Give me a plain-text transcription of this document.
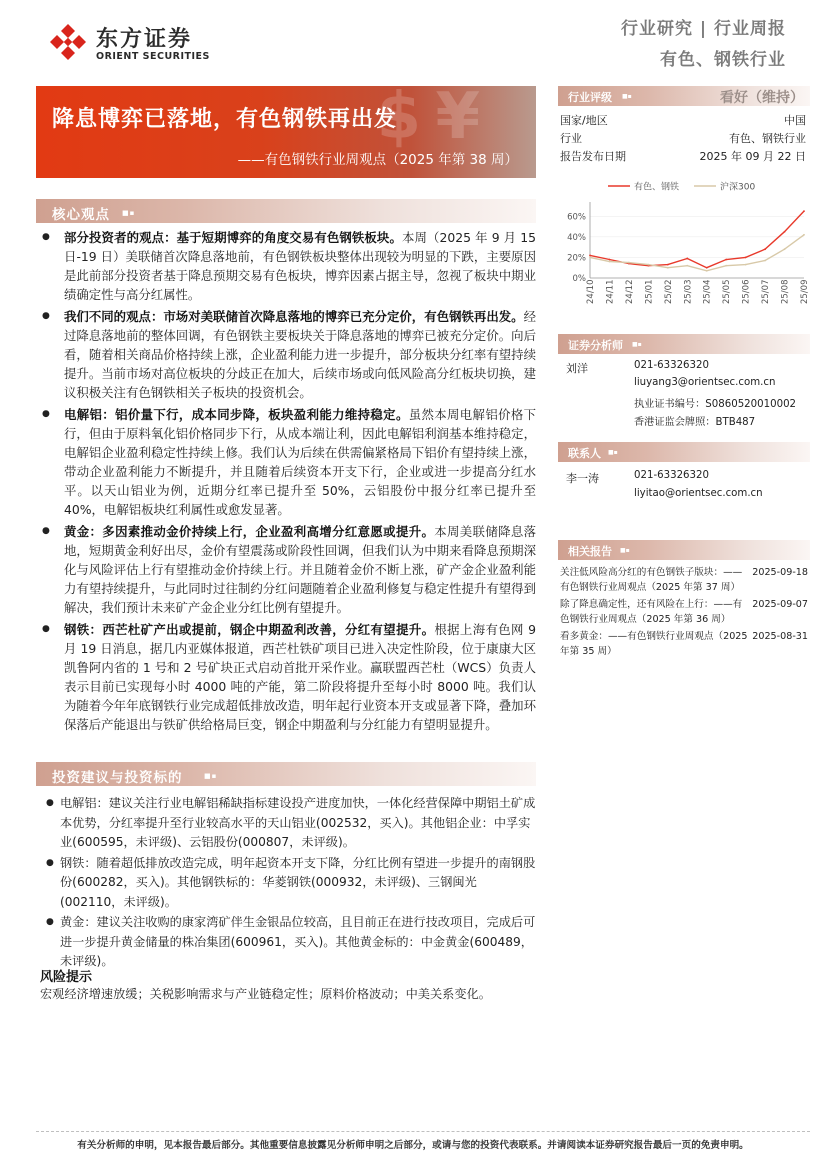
东方证券
ORIENT SECURITIES
行业研究 | 行业周报
有色、钢铁行业
$ ¥
降息博弈已落地，有色钢铁再出发
——有色钢铁行业周观点（2025 年第 38 周）
核心观点 ■▪
● 部分投资者的观点：基于短期博弈的角度交易有色钢铁板块。本周（2025 年 9 月 15 日-19 日）美联储首次降息落地前，有色钢铁板块整体出现较为明显的下跌，主要原因是此前部分投资者基于降息预期交易有色板块，博弈因素占据主导，忽视了板块中期业绩确定性与高分红属性。
● 我们不同的观点：市场对美联储首次降息落地的博弈已充分定价，有色钢铁再出发。经过降息落地前的整体回调，有色钢铁主要板块关于降息落地的博弈已被充分定价。向后看，随着相关商品价格持续上涨，企业盈利能力进一步提升，部分板块分红率有望持续提升。当前市场对高位板块的分歧正在加大，后续市场或向低风险高分红板块切换，建议积极关注有色钢铁相关子板块的投资机会。
● 电解铝：铝价量下行，成本同步降，板块盈利能力维持稳定。虽然本周电解铝价格下行，但由于原料氧化铝价格同步下行，从成本端让利，因此电解铝利润基本维持稳定，电解铝企业盈利稳定性持续上修。我们认为后续在供需偏紧格局下铝价有望持续上涨，带动企业盈利能力不断提升，并且随着后续资本开支下行，企业或进一步提高分红水平。以天山铝业为例，近期分红率已提升至 50%，云铝股份中报分红率已提升至 40%，电解铝板块红利属性或愈发显著。
● 黄金：多因素推动金价持续上行，企业盈利高增分红意愿或提升。本周美联储降息落地，短期黄金利好出尽，金价有望震荡或阶段性回调，但我们认为中期来看降息预期深化与风险评估上行有望推动金价持续上行。并且随着金价不断上涨，矿产金企业盈利能力有望持续提升，与此同时过往制约分红问题随着企业盈利修复与稳定性提升有望得到解决，我们预计未来矿产金企业分红比例有望提升。
● 钢铁：西芒杜矿产出或提前，钢企中期盈利改善，分红有望提升。根据上海有色网 9 月 19 日消息，据几内亚媒体报道，西芒杜铁矿项目已进入决定性阶段，位于康康大区凯鲁阿内省的 1 号和 2 号矿块正式启动首批开采作业。赢联盟西芒杜（WCS）负责人表示目前已实现每小时 4000 吨的产能，第二阶段将提升至每小时 8000 吨。我们认为随着今年年底钢铁行业完成超低排放改造，明年起行业资本开支或显著下降，叠加环保落后产能退出与铁矿供给格局巨变，钢企中期盈利与分红能力有望明显提升。
投资建议与投资标的	■▪

● 电解铝：建议关注行业电解铝稀缺指标建设投产进度加快，一体化经营保障中期铝土矿成本优势，分红率提升至行业较高水平的天山铝业(002532，买入)。其他铝企业：中孚实业(600595，未评级)、云铝股份(000807，未评级)。

● 钢铁：随着超低排放改造完成，明年起资本开支下降，分红比例有望进一步提升的南钢股份(600282，买入)。其他钢铁标的：华菱钢铁(000932，未评级)、三钢闽光(002110，未评级)。

● 黄金：建议关注收购的康家湾矿伴生金银品位较高，且目前正在进行技改项目，完成后可进一步提升黄金储量的株冶集团(600961，买入)。其他黄金标的：中金黄金(600489，未评级)。

风险提示
宏观经济增速放缓；关税影响需求与产业链稳定性；原料价格波动；中美关系变化。
行业评级 ■▪	看好（维持）
国家/地区	中国
行业	有色、钢铁行业
报告发布日期	2025 年 09 月 22 日
有色、钢铁	沪深300
0%
20%
40%
60%
24/10 24/11 24/12 25/01 25/02 25/03 25/04 25/05 25/06 25/07 25/08 25/09
证券分析师 ■▪
刘洋	021-63326320
liuyang3@orientsec.com.cn
执业证书编号：S0860520010002
香港证监会牌照：BTB487
联系人 ■▪
李一涛	021-63326320
liyitao@orientsec.com.cn
相关报告 ■▪
关注低风险高分红的有色钢铁子版块：——有色钢铁行业周观点（2025 年第 37 周）
2025-09-18
除了降息确定性，还有风险在上行：——有色钢铁行业周观点（2025 年第 36 周）
2025-09-07
看多黄金：——有色钢铁行业周观点（2025 年第 35 周）
2025-08-31
有关分析师的申明，见本报告最后部分。其他重要信息披露见分析师申明之后部分，或请与您的投资代表联系。并请阅读本证券研究报告最后一页的免责申明。
